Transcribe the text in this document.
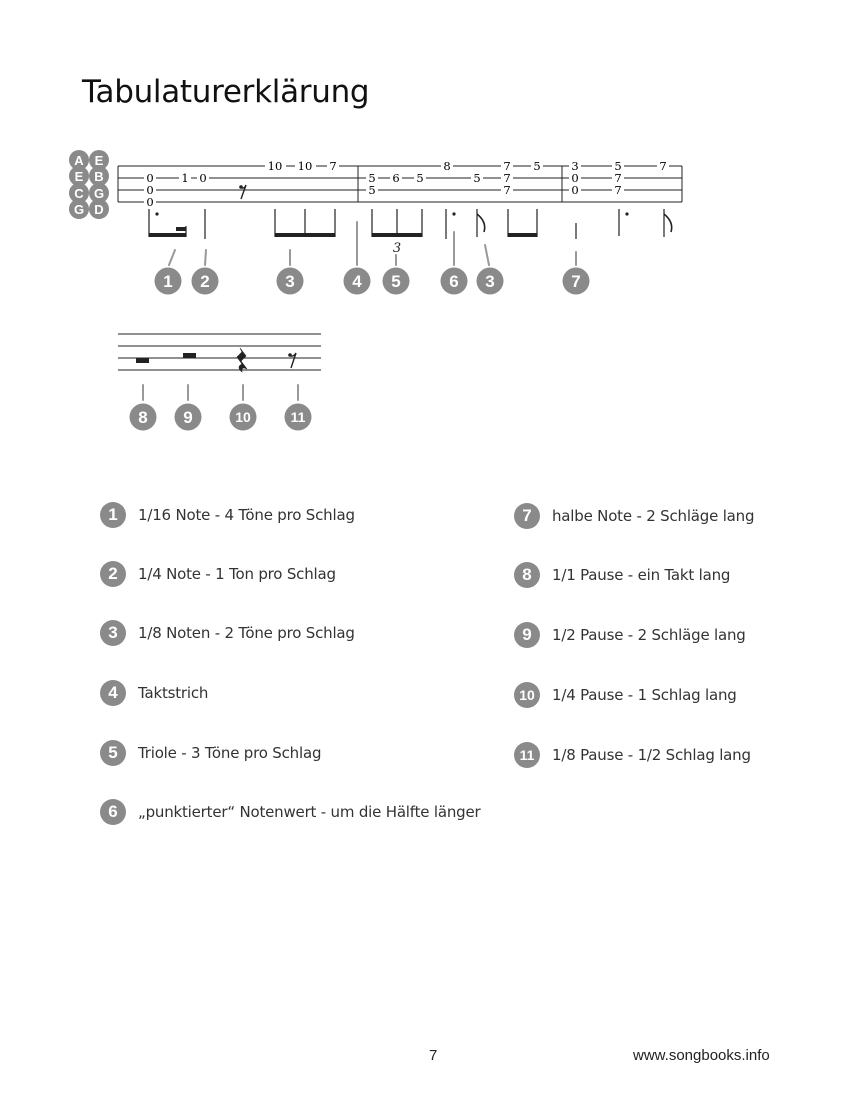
Tabulaturerklärung
A E
E B
C G
G D
0 1 0
0
0
10 10 7	8	7 5
5 6 5	5 7
5	7
3	5	7
0	7
0	7
3
1 2	3	4 5	6 3	7
8 9	10	11
1	1/16 Note - 4 Töne pro Schlag
2	1/4 Note - 1 Ton pro Schlag
3	1/8 Noten - 2 Töne pro Schlag
4	Taktstrich
5	Triole - 3 Töne pro Schlag
6	„punktierter“ Notenwert - um die Hälfte länger
7	halbe Note - 2 Schläge lang
8	1/1 Pause - ein Takt lang
9	1/2 Pause - 2 Schläge lang
10	1/4 Pause - 1 Schlag lang
11	1/8 Pause - 1/2 Schlag lang
7	www.songbooks.info
